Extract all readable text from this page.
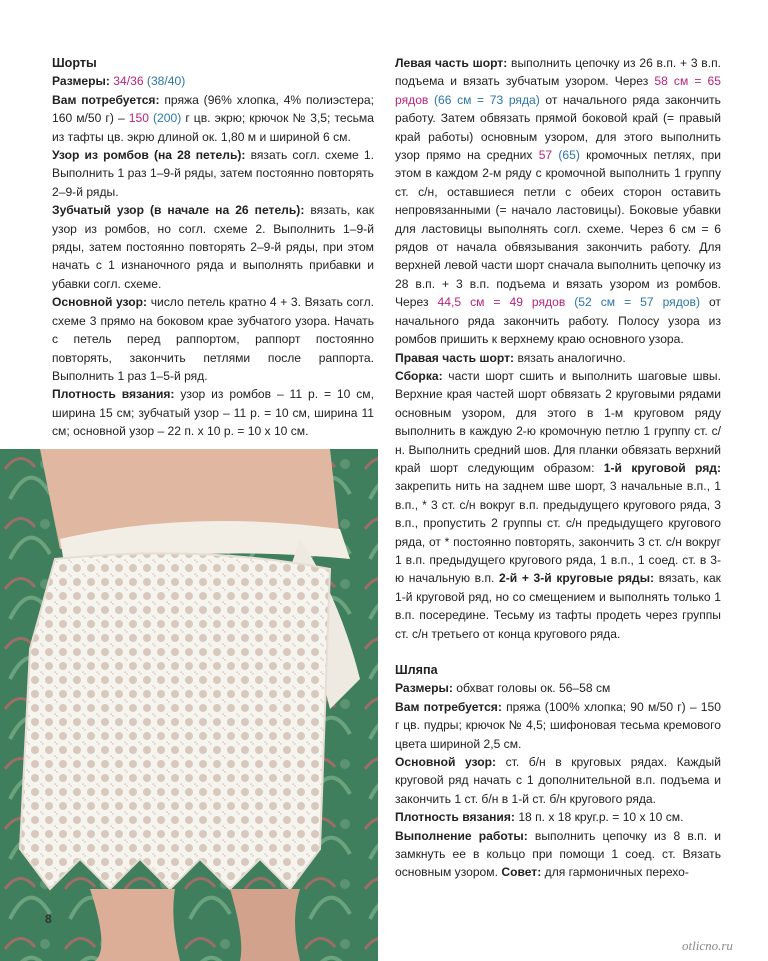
Шорты

Размеры: 34/36 (38/40)

Вам потребуется: пряжа (96% хлопка, 4% полиэстера; 160 м/50 г) – 150 (200) г цв. экрю; крючок № 3,5; тесьма из тафты цв. экрю длиной ок. 1,80 м и шириной 6 см.

Узор из ромбов (на 28 петель): вязать согл. схеме 1. Выполнить 1 раз 1–9-й ряды, затем постоянно повторять 2–9-й ряды.

Зубчатый узор (в начале на 26 петель): вязать, как узор из ромбов, но согл. схеме 2. Выполнить 1–9-й ряды, затем постоянно повторять 2–9-й ряды, при этом начать с 1 изнаночного ряда и выполнять прибавки и убавки согл. схеме.

Основной узор: число петель кратно 4 + 3. Вязать согл. схеме 3 прямо на боковом крае зубчатого узора. Начать с петель перед раппортом, раппорт постоянно повторять, закончить петлями после раппорта. Выполнить 1 раз 1–5-й ряд.

Плотность вязания: узор из ромбов – 11 р. = 10 см, ширина 15 см; зубчатый узор – 11 р. = 10 см, ширина 11 см; основной узор – 22 п. х 10 р. = 10 х 10 см.

Левая часть шорт: выполнить цепочку из 26 в.п. + 3 в.п. подъема и вязать зубчатым узором. Через 58 см = 65 рядов (66 см = 73 ряда) от начального ряда закончить работу. Затем обвязать прямой боковой край (= правый край работы) основным узором, для этого выполнить узор прямо на средних 57 (65) кромочных петлях, при этом в каждом 2-м ряду с кромочной выполнить 1 группу ст. с/н, оставшиеся петли с обеих сторон оставить непровязанными (= начало ластовицы). Боковые убавки для ластовицы выполнять согл. схеме. Через 6 см = 6 рядов от начала обвязывания закончить работу. Для верхней левой части шорт сначала выполнить цепочку из 28 в.п. + 3 в.п. подъема и вязать узором из ромбов. Через 44,5 см = 49 рядов (52 см = 57 рядов) от начального ряда закончить работу. Полосу узора из ромбов пришить к верхнему краю основного узора.

Правая часть шорт: вязать аналогично.

Сборка: части шорт сшить и выполнить шаговые швы. Верхние края частей шорт обвязать 2 круговыми рядами основным узором, для этого в 1-м круговом ряду выполнить в каждую 2-ю кромочную петлю 1 группу ст. с/н. Выполнить средний шов. Для планки обвязать верхний край шорт следующим образом: 1-й круговой ряд: закрепить нить на заднем шве шорт, 3 начальные в.п., 1 в.п., * 3 ст. с/н вокруг в.п. предыдущего кругового ряда, 3 в.п., пропустить 2 группы ст. с/н предыдущего кругового ряда, от * постоянно повторять, закончить 3 ст. с/н вокруг 1 в.п. предыдущего кругового ряда, 1 в.п., 1 соед. ст. в 3-ю начальную в.п. 2-й + 3-й круговые ряды: вязать, как 1-й круговой ряд, но со смещением и выполнять только 1 в.п. посередине. Тесьму из тафты продеть через группы ст. с/н третьего от конца кругового ряда.

Шляпа

Размеры: обхват головы ок. 56–58 см

Вам потребуется: пряжа (100% хлопка; 90 м/50 г) – 150 г цв. пудры; крючок № 4,5; шифоновая тесьма кремового цвета шириной 2,5 см.

Основной узор: ст. б/н в круговых рядах. Каждый круговой ряд начать с 1 дополнительной в.п. подъема и закончить 1 ст. б/н в 1-й ст. б/н кругового ряда.

Плотность вязания: 18 п. х 18 круг.р. = 10 х 10 см.

Выполнение работы: выполнить цепочку из 8 в.п. и замкнуть ее в кольцо при помощи 1 соед. ст. Вязать основным узором. Совет: для гармоничных перехо-

8
otlicno.ru
